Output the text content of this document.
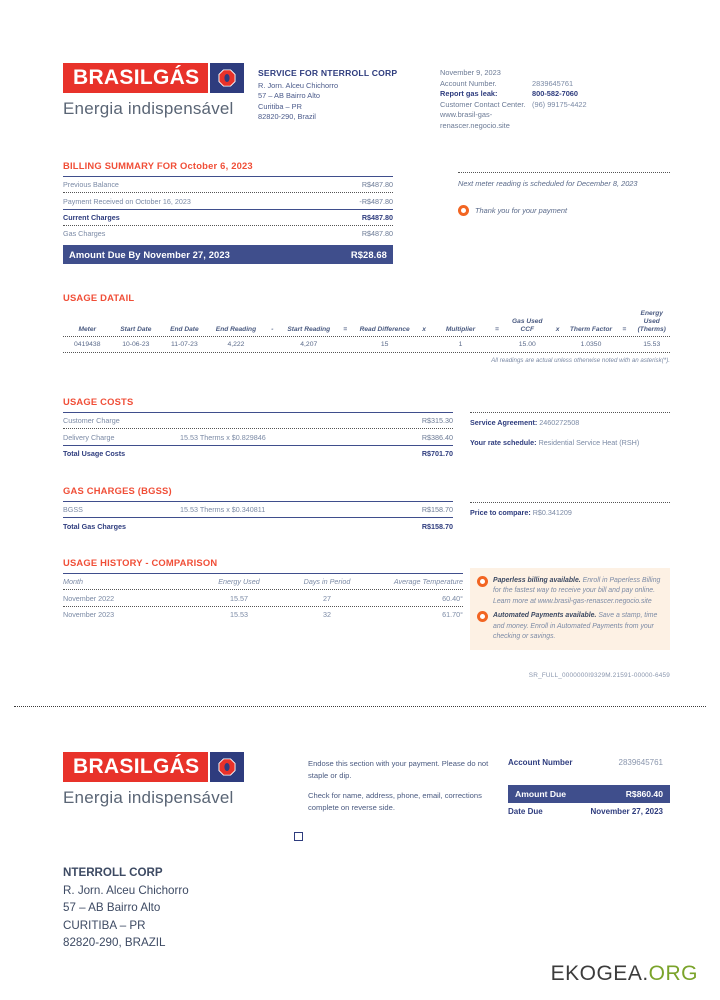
BRASIL GÁS
Energia indispensável
SERVICE FOR NTERROLL CORP
R. Jorn. Alceu Chichorro
57 – AB Bairro Alto
Curitiba – PR
82820-290, Brazil
November 9, 2023
Account Number.	2839645761
Report gas leak:	800-582-7060
Customer Contact Center. (96) 99175-4422
www.brasil-gas-
renascer.negocio.site
BILLING SUMMARY FOR October 6, 2023
Previous Balance	R$487.80
Payment Received on October 16, 2023	-R$487.80
Current Charges	R$487.80
Gas Charges	R$487.80
Amount Due By November 27, 2023	R$28.68
Next meter reading is scheduled for December 8, 2023
Thank you for your payment
USAGE DATAIL
Meter	Start Date	End Date	End Reading	-	Start Reading	=	Read Difference	x	Multiplier	=	Gas Used CCF	x	Therm Factor	=	Energy Used (Therms)
0419438	10-06-23	11-07-23	4,222		4,207		15		1		15.00		1.0350		15.53
All readings are actual unless otherwise noted with an asterisk(*).
USAGE COSTS
Customer Charge		R$315.30
Delivery Charge	15.53 Therms x $0.829846	R$386.40
Total Usage Costs	R$701.70
Service Agreement: 2460272508
Your rate schedule: Residential Service Heat (RSH)
GAS CHARGES (BGSS)
BGSS	15.53 Therms x $0.340811	R$158.70
Total Gas Charges	R$158.70
Price to compare: R$0.341209
USAGE HISTORY - COMPARISON
Month	Energy Used	Days in Period	Average Temperature
November 2022	15.57	27	60.40°
November 2023	15.53	32	61.70°
Paperless billing available. Enroll in Paperless Billing for the fastest way to receive your bill and pay online. Learn more at www.brasil-gas-renascer.negocio.site
Automated Payments available. Save a stamp, time and money. Enroll in Automated Payments from your checking or savings.
SR_FULL_0000000I9329M.21591-00000-6459
BRASIL GÁS
Energia indispensável
Endose this section with your payment. Please do not staple or dip.
Check for name, address, phone, email, corrections complete on reverse side.
Account Number	2839645761
Amount Due	R$860.40
Date Due	November 27, 2023
NTERROLL CORP
R. Jorn. Alceu Chichorro
57 – AB Bairro Alto
CURITIBA – PR
82820-290, BRAZIL
EKOGEA.ORG
